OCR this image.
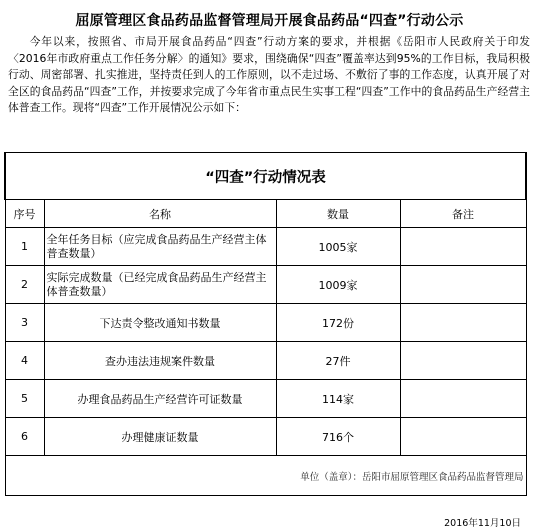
屈原管理区食品药品监督管理局开展食品药品“四查”行动公示
今年以来，按照省、市局开展食品药品“四查”行动方案的要求，并根据《岳阳市人民政府关于印发〈2016年市政府重点工作任务分解〉的通知》要求，围绕确保“四查”覆盖率达到95%的工作目标，我局积极行动、周密部署、扎实推进，坚持责任到人的工作原则，以不走过场、不敷衍了事的工作态度，认真开展了对全区的食品药品“四查”工作，并按要求完成了今年省市重点民生实事工程“四查”工作中的食品药品生产经营主体普查工作。现将“四查”工作开展情况公示如下：
“四查”行动情况表			
序号	名称	数量	备注
1	全年任务目标（应完成食品药品生产经营主体普查数量）	1005家	
2	实际完成数量（已经完成食品药品生产经营主体普查数量）	1009家	
3	下达责令整改通知书数量	172份	
4	查办违法违规案件数量	27件	
5	办理食品药品生产经营许可证数量	114家	
6	办理健康证数量	716个	
单位（盖章）：岳阳市屈原管理区食品药品监督管理局			
2016年11月10日
